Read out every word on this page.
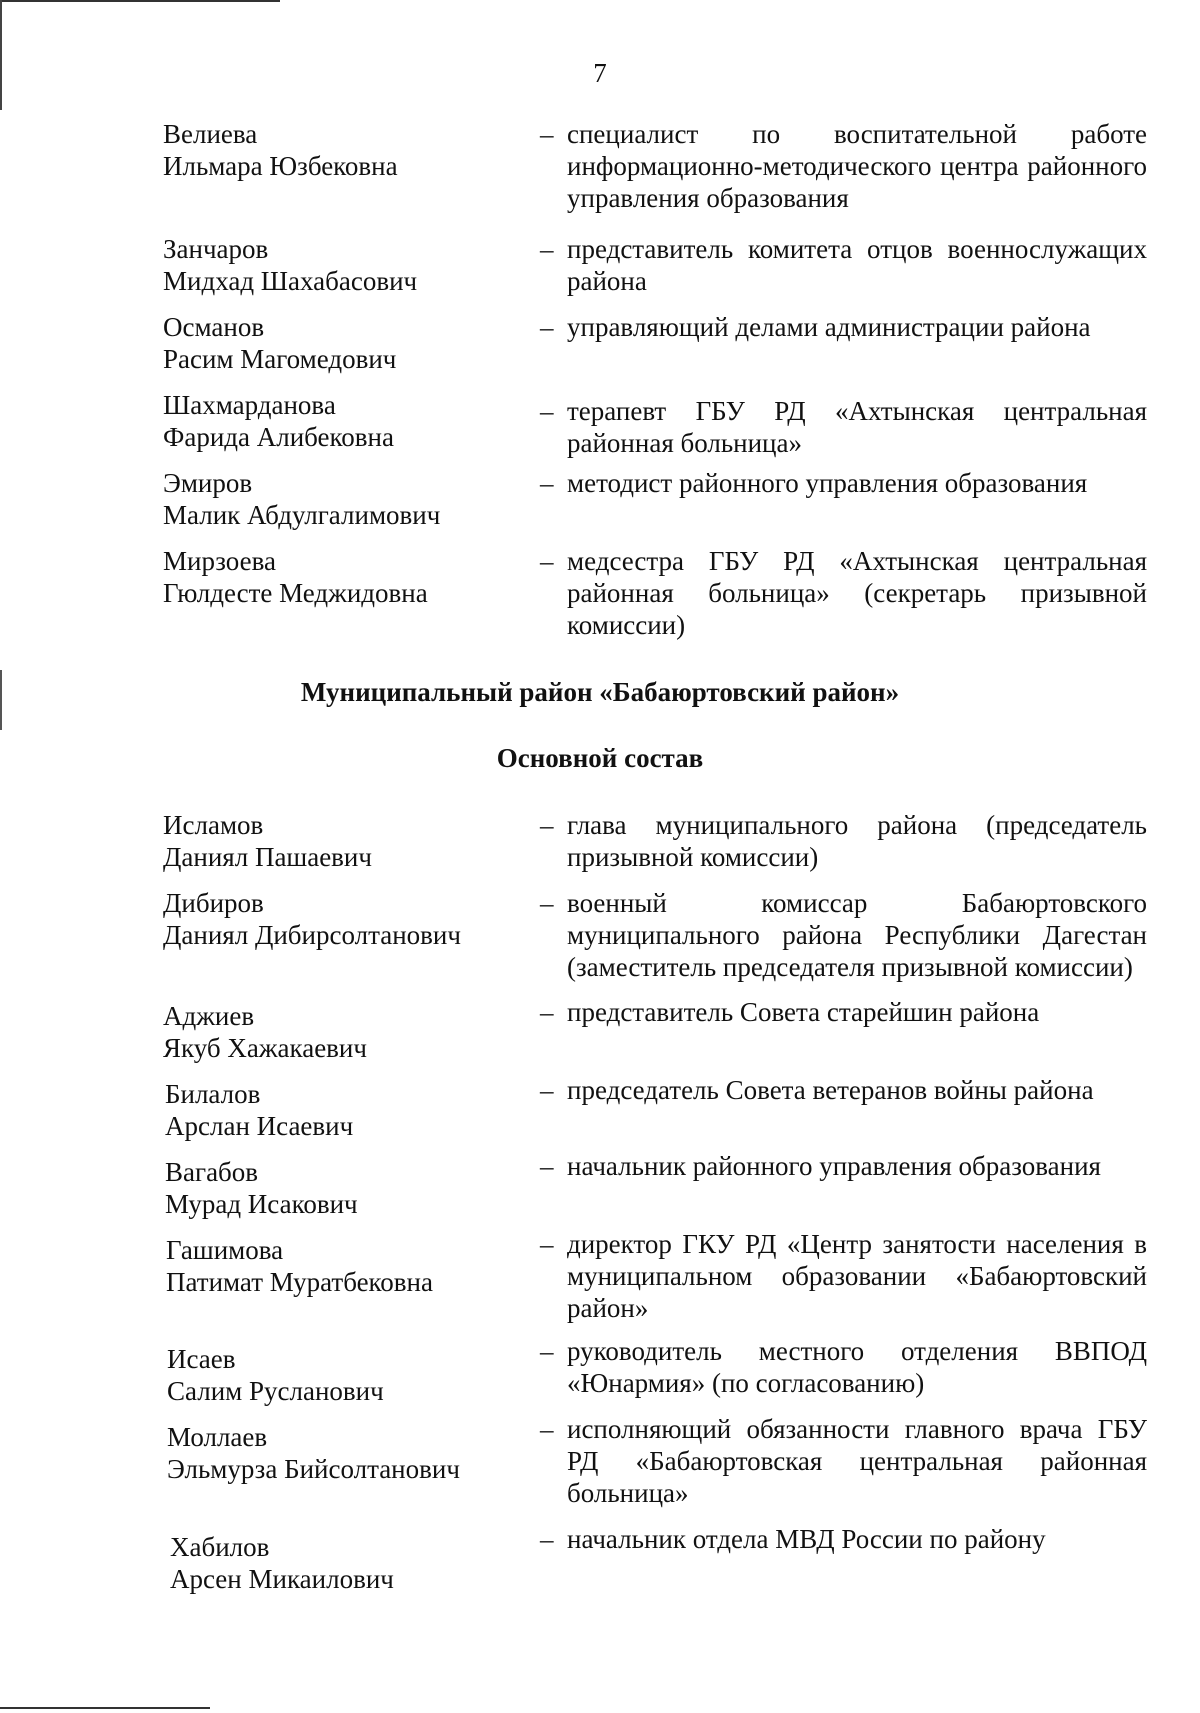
7
Велиева
Ильмара Юзбековна
– специалист по воспитательной работе информационно-методического центра районного управления образования
Занчаров
Мидхад Шахабасович
– представитель комитета отцов военнослужащих района
Османов
Расим Магомедович
– управляющий делами администрации района
Шахмарданова
Фарида Алибековна
– терапевт ГБУ РД «Ахтынская центральная районная больница»
Эмиров
Малик Абдулгалимович
– методист районного управления образования
Мирзоева
Гюлдесте Меджидовна
– медсестра ГБУ РД «Ахтынская центральная районная больница» (секретарь призывной комиссии)
Муниципальный район «Бабаюртовский район»
Основной состав
Исламов
Даниял Пашаевич
– глава муниципального района (председатель призывной комиссии)
Дибиров
Даниял Дибирсолтанович
– военный комиссар Бабаюртовского муниципального района Республики Дагестан (заместитель председателя призывной комиссии)
Аджиев
Якуб Хажакаевич
– представитель Совета старейшин района
Билалов
Арслан Исаевич
– председатель Совета ветеранов войны района
Вагабов
Мурад Исакович
– начальник районного управления образования
Гашимова
Патимат Муратбековна
– директор ГКУ РД «Центр занятости населения в муниципальном образовании «Бабаюртовский район»
Исаев
Салим Русланович
– руководитель местного отделения ВВПОД «Юнармия» (по согласованию)
Моллаев
Эльмурза Бийсолтанович
– исполняющий обязанности главного врача ГБУ РД «Бабаюртовская центральная районная больница»
Хабилов
Арсен Микаилович
– начальник отдела МВД России по району
